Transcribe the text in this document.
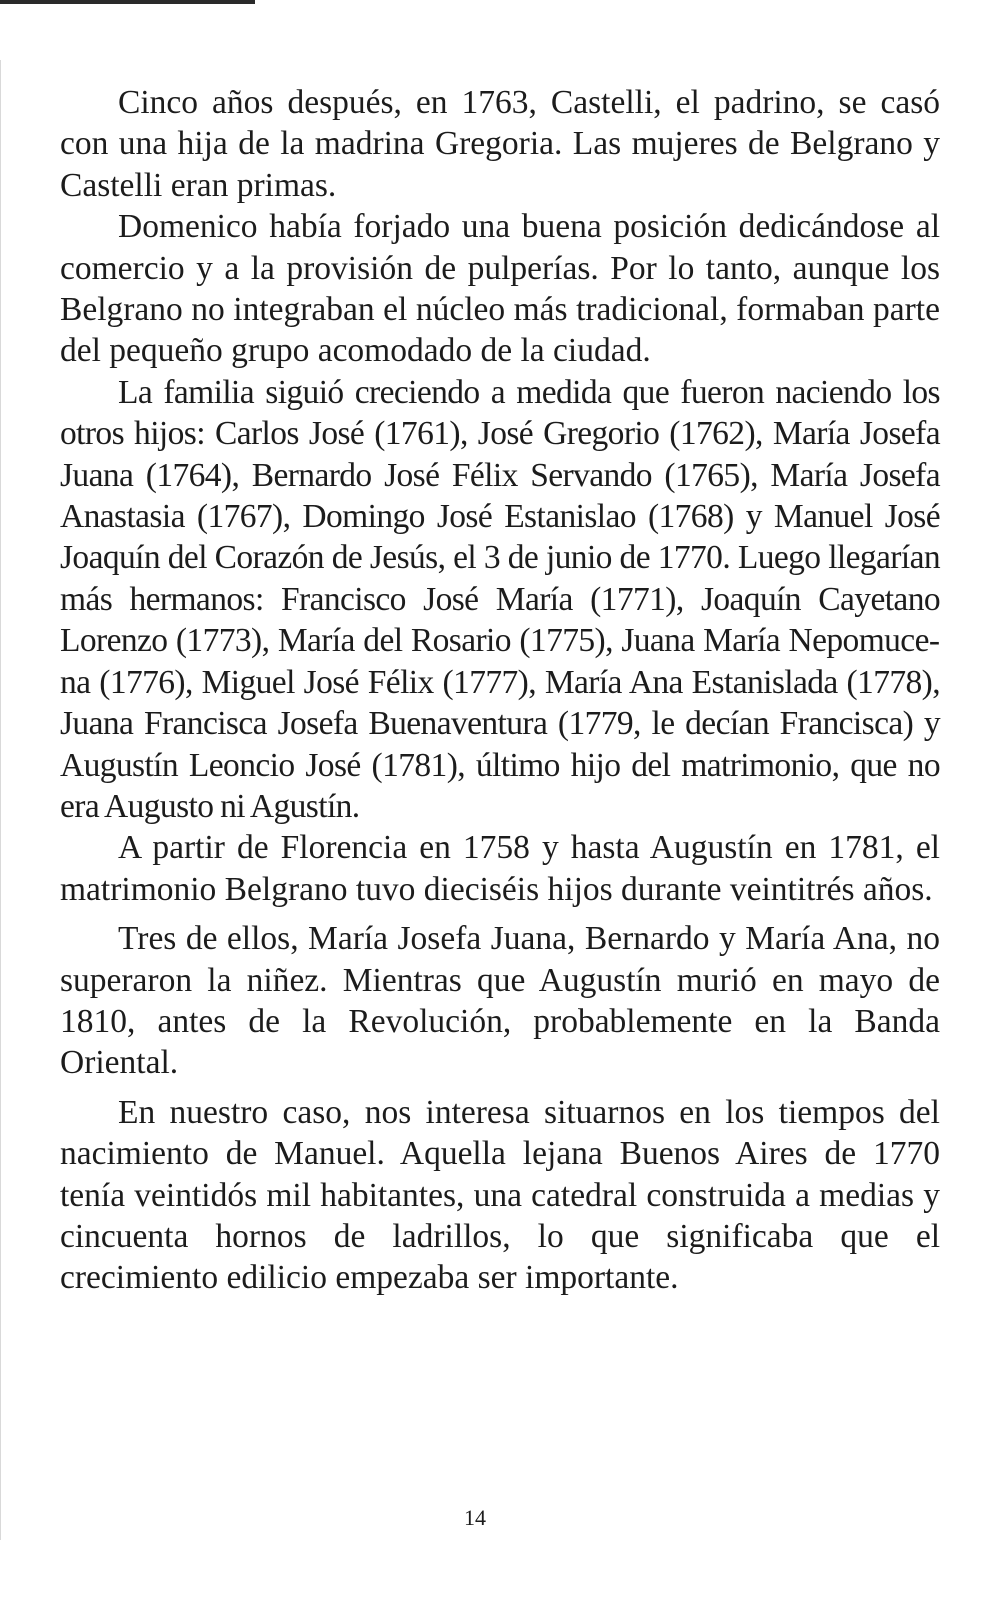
Cinco años después, en 1763, Castelli, el padrino, se casó con una hija de la madrina Gregoria. Las mujeres de Belgrano y Castelli eran primas.

Domenico había forjado una buena posición dedicándose al comercio y a la provisión de pulperías. Por lo tanto, aunque los Belgrano no integraban el núcleo más tradicional, formaban parte del pequeño grupo acomodado de la ciudad.

La familia siguió creciendo a medida que fueron naciendo los otros hijos: Carlos José (1761), José Gregorio (1762), María Josefa Juana (1764), Bernardo José Félix Servando (1765), María Josefa Anastasia (1767), Domingo José Estanislao (1768) y Manuel José Joaquín del Corazón de Jesús, el 3 de junio de 1770. Luego llegarían más hermanos: Francisco José María (1771), Joaquín Cayetano Lorenzo (1773), María del Rosario (1775), Juana María Nepomucena (1776), Miguel José Félix (1777), María Ana Estanislada (1778), Juana Francisca Josefa Buenaventura (1779, le decían Francisca) y Augustín Leoncio José (1781), último hijo del matrimonio, que no era Augusto ni Agustín.

A partir de Florencia en 1758 y hasta Augustín en 1781, el matrimonio Belgrano tuvo dieciséis hijos durante veintitrés años.

Tres de ellos, María Josefa Juana, Bernardo y María Ana, no superaron la niñez. Mientras que Augustín murió en mayo de 1810, antes de la Revolución, probablemente en la Banda Oriental.

En nuestro caso, nos interesa situarnos en los tiempos del nacimiento de Manuel. Aquella lejana Buenos Aires de 1770 tenía veintidós mil habitantes, una catedral construida a medias y cincuenta hornos de ladrillos, lo que significaba que el crecimiento edilicio empezaba ser importante.

14
